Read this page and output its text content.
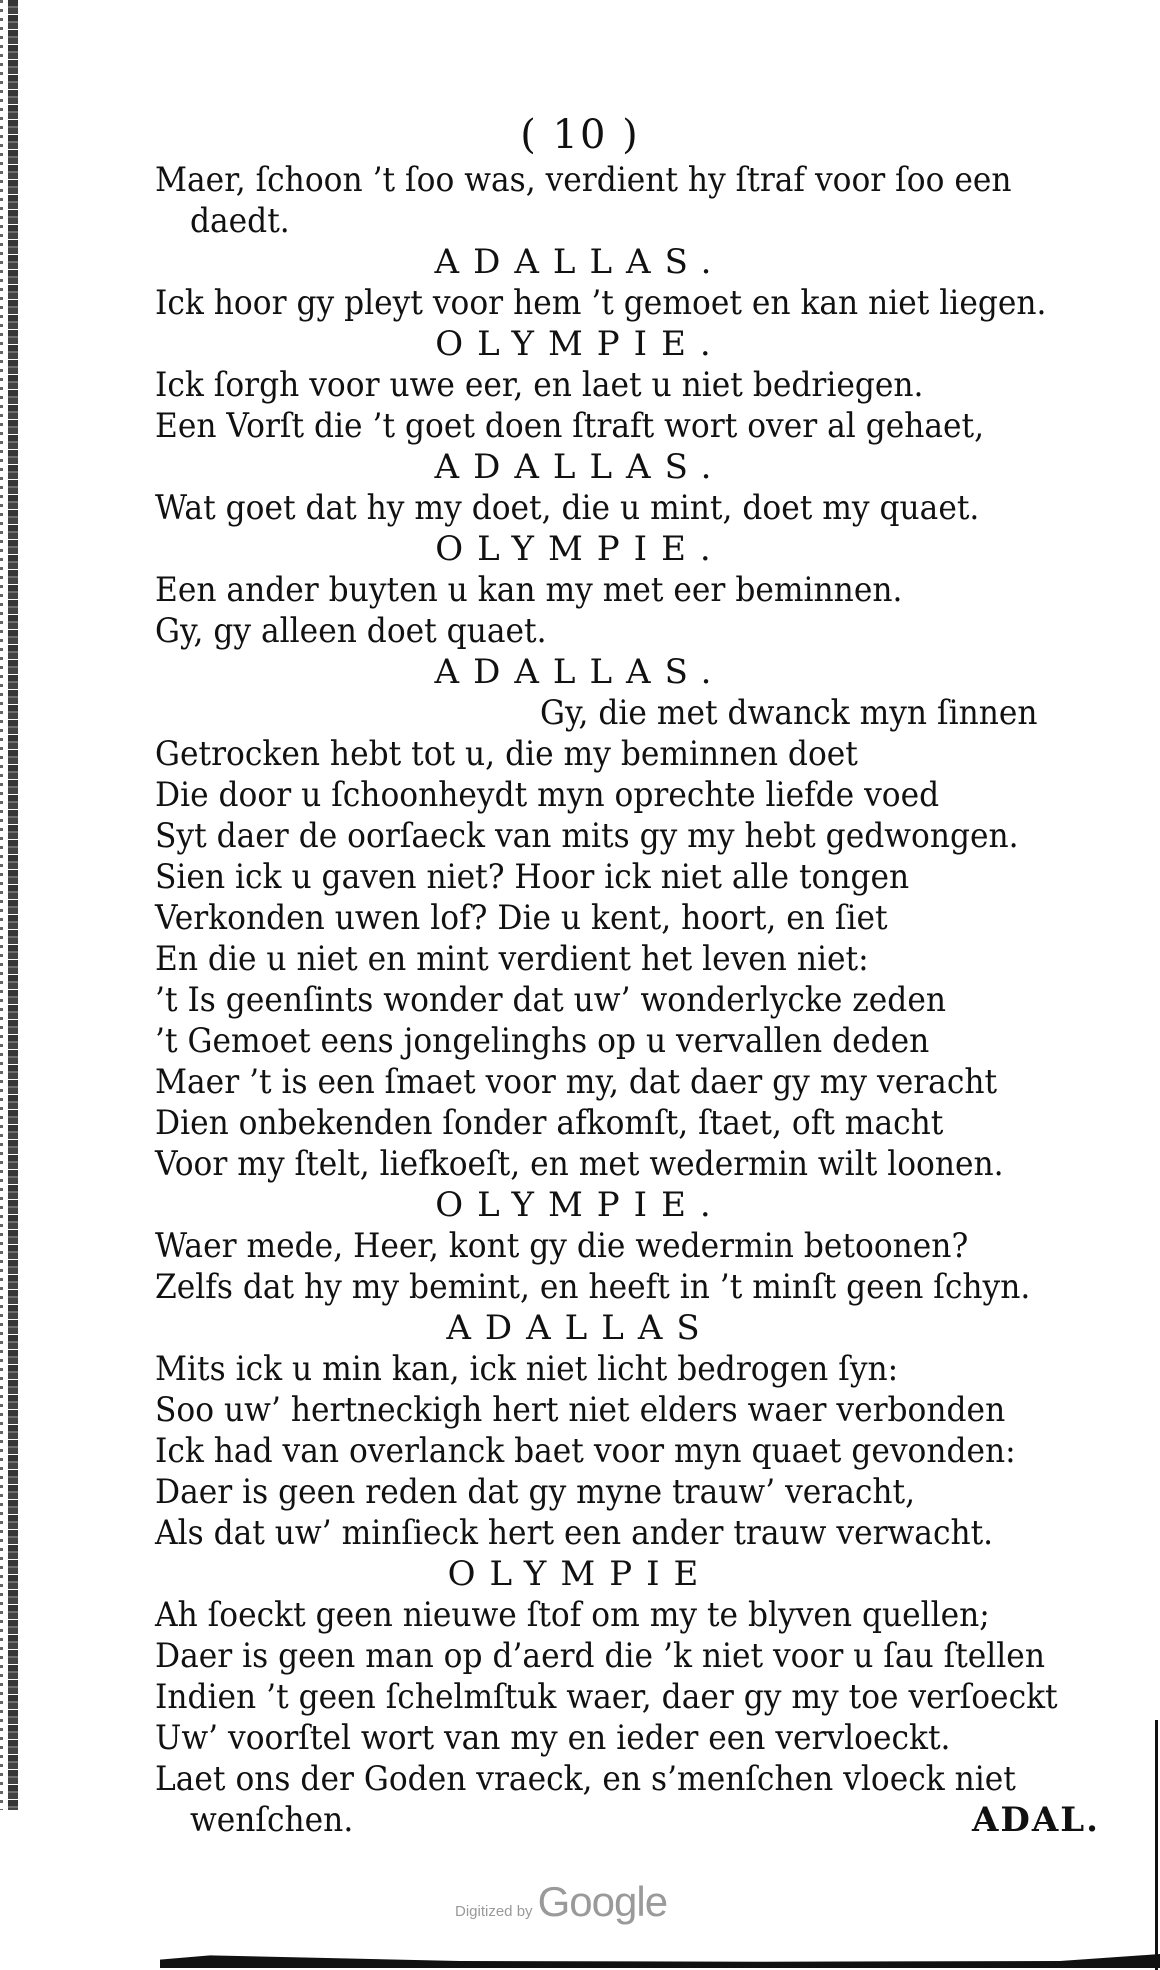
( 10 )
Maer, ſchoon ’t ſoo was, verdient hy ſtraf voor ſoo een
daedt.
ADALLAS.
Ick hoor gy pleyt voor hem ’t gemoet en kan niet liegen.
OLYMPIE.
Ick ſorgh voor uwe eer, en laet u niet bedriegen.
Een Vorſt die ’t goet doen ſtraft wort over al gehaet,
ADALLAS.
Wat goet dat hy my doet, die u mint, doet my quaet.
OLYMPIE.
Een ander buyten u kan my met eer beminnen.
Gy, gy alleen doet quaet.
ADALLAS.
Gy, die met dwanck myn ſinnen
Getrocken hebt tot u, die my beminnen doet
Die door u ſchoonheydt myn oprechte liefde voed
Syt daer de oorſaeck van mits gy my hebt gedwongen.
Sien ick u gaven niet? Hoor ick niet alle tongen
Verkonden uwen lof? Die u kent, hoort, en ſiet
En die u niet en mint verdient het leven niet:
’t Is geenſints wonder dat uw’ wonderlycke zeden
’t Gemoet eens jongelinghs op u vervallen deden
Maer ’t is een ſmaet voor my, dat daer gy my veracht
Dien onbekenden ſonder afkomſt, ſtaet, oft macht
Voor my ſtelt, liefkoeſt, en met wedermin wilt loonen.
OLYMPIE.
Waer mede, Heer, kont gy die wedermin betoonen?
Zelfs dat hy my bemint, en heeft in ’t minſt geen ſchyn.
ADALLAS
Mits ick u min kan, ick niet licht bedrogen ſyn:
Soo uw’ hertneckigh hert niet elders waer verbonden
Ick had van overlanck baet voor myn quaet gevonden:
Daer is geen reden dat gy myne trauw’ veracht,
Als dat uw’ minſieck hert een ander trauw verwacht.
OLYMPIE
Ah ſoeckt geen nieuwe ſtof om my te blyven quellen;
Daer is geen man op d’aerd die ’k niet voor u ſau ſtellen
Indien ’t geen ſchelmſtuk waer, daer gy my toe verſoeckt
Uw’ voorſtel wort van my en ieder een vervloeckt.
Laet ons der Goden vraeck, en s’menſchen vloeck niet
wenſchen.	ADAL.
Digitized by Google
